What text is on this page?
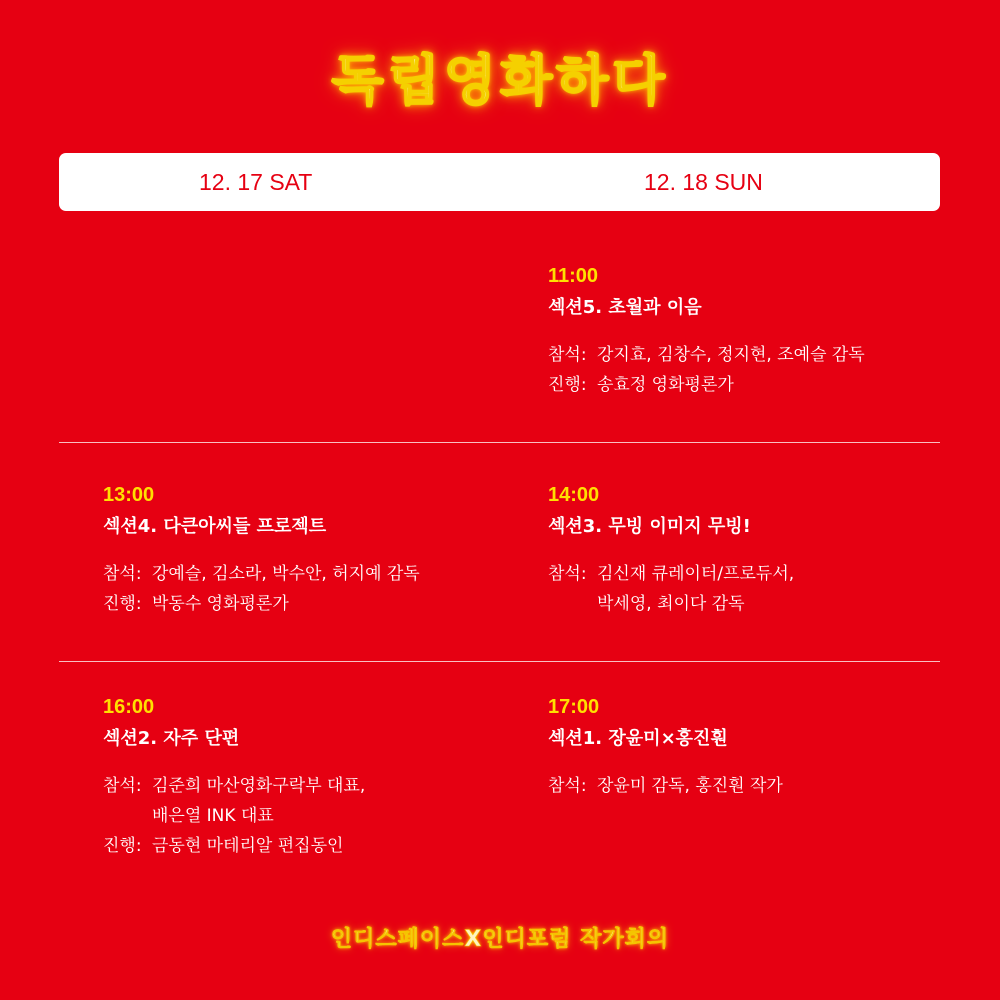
독립영화하다
12. 17 SAT	12. 18 SUN
11:00
섹션5. 초월과 이음
참석: 강지효, 김창수, 정지현, 조예슬 감독
진행: 송효정 영화평론가
13:00
섹션4. 다큰아씨들 프로젝트
참석: 강예슬, 김소라, 박수안, 허지예 감독
진행: 박동수 영화평론가
14:00
섹션3. 무빙 이미지 무빙!
참석: 김신재 큐레이터/프로듀서,
박세영, 최이다 감독
16:00
섹션2. 자주 단편
참석: 김준희 마산영화구락부 대표,
배은열 INK 대표
진행: 금동현 마테리알 편집동인
17:00
섹션1. 장윤미×홍진훤
참석: 장윤미 감독, 홍진훤 작가
인디스페이스X인디포럼 작가회의
